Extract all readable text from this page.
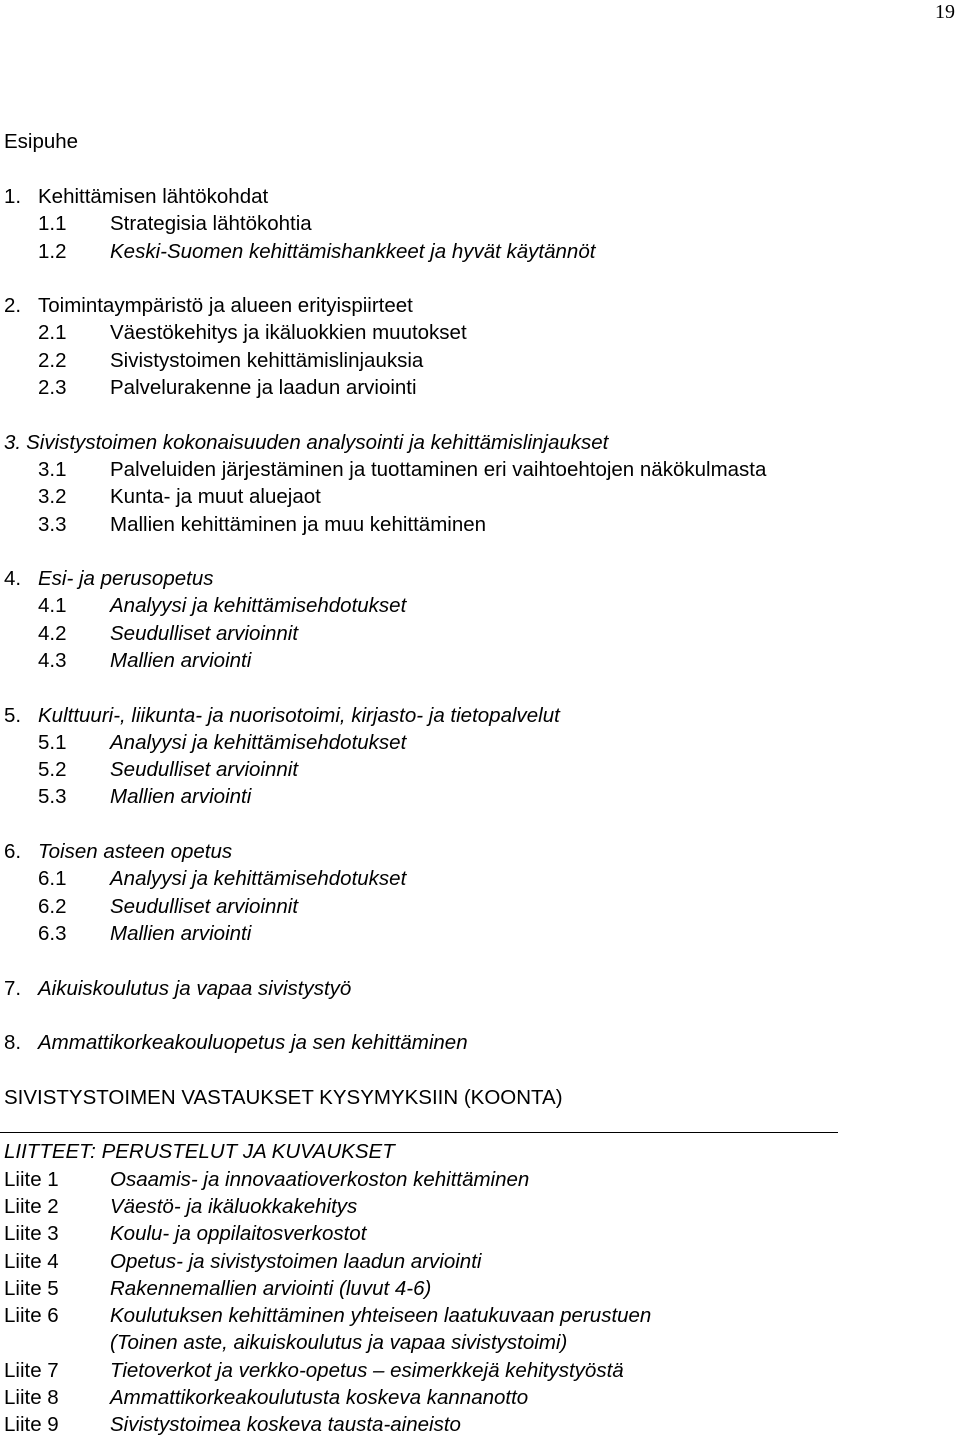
19
Esipuhe
1. Kehittämisen lähtökohdat
1.1 Strategisia lähtökohtia
1.2 Keski-Suomen kehittämishankkeet ja hyvät käytännöt
2. Toimintaympäristö ja alueen erityispiirteet
2.1 Väestökehitys ja ikäluokkien muutokset
2.2 Sivistystoimen kehittämislinjauksia
2.3 Palvelurakenne ja laadun arviointi
3. Sivistystoimen kokonaisuuden analysointi ja kehittämislinjaukset
3.1 Palveluiden järjestäminen ja tuottaminen eri vaihtoehtojen näkökulmasta
3.2 Kunta- ja muut aluejaot
3.3 Mallien kehittäminen ja muu kehittäminen
4. Esi- ja perusopetus
4.1 Analyysi ja kehittämisehdotukset
4.2 Seudulliset arvioinnit
4.3 Mallien arviointi
5. Kulttuuri-, liikunta- ja nuorisotoimi, kirjasto- ja tietopalvelut
5.1 Analyysi ja kehittämisehdotukset
5.2 Seudulliset arvioinnit
5.3 Mallien arviointi
6. Toisen asteen opetus
6.1 Analyysi ja kehittämisehdotukset
6.2 Seudulliset arvioinnit
6.3 Mallien arviointi
7. Aikuiskoulutus ja vapaa sivistystyö
8. Ammattikorkeakouluopetus ja sen kehittäminen
SIVISTYSTOIMEN VASTAUKSET KYSYMYKSIIN (KOONTA)
LIITTEET: PERUSTELUT JA KUVAUKSET
Liite 1	Osaamis- ja innovaatioverkoston kehittäminen
Liite 2	Väestö- ja ikäluokkakehitys
Liite 3	Koulu- ja oppilaitosverkostot
Liite 4	Opetus- ja sivistystoimen laadun arviointi
Liite 5	Rakennemallien arviointi (luvut 4-6)
Liite 6	Koulutuksen kehittäminen yhteiseen laatukuvaan perustuen
(Toinen aste, aikuiskoulutus ja vapaa sivistystoimi)
Liite 7	Tietoverkot ja verkko-opetus – esimerkkejä kehitystyöstä
Liite 8	Ammattikorkeakoulutusta koskeva kannanotto
Liite 9	Sivistystoimea koskeva tausta-aineisto
